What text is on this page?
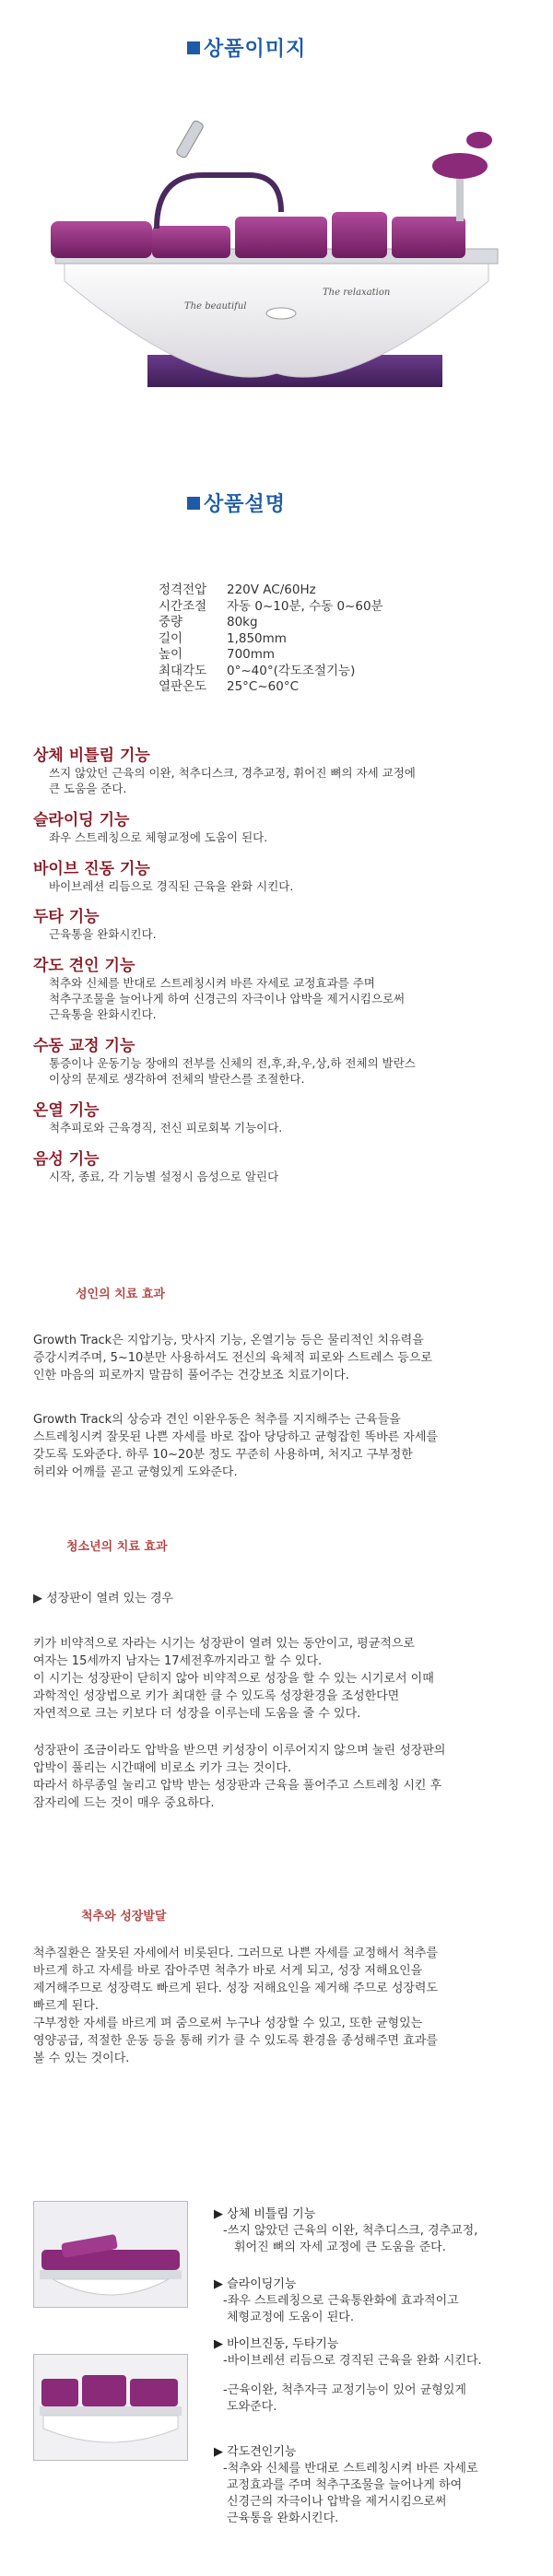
상품이미지
The beautiful
The relaxation
상품설명
정격전압	220V AC/60Hz
시간조절	자동 0~10분, 수동 0~60분
중량	80kg
길이	1,850mm
높이	700mm
최대각도	0°~40°(각도조절기능)
열판온도	25°C~60°C
상체 비틀림 기능
쓰지 않았던 근육의 이완, 척추디스크, 경추교정, 휘어진 뼈의 자세 교정에
큰 도움을 준다.
슬라이딩 기능
좌우 스트레칭으로 체형교정에 도움이 된다.
바이브 진동 기능
바이브레션 리듬으로 경직된 근육을 완화 시킨다.
두타 기능
근육통을 완화시킨다.
각도 견인 기능
척추와 신체를 반대로 스트레칭시켜 바른 자세로 교정효과를 주며
척추구조물을 늘어나게 하여 신경근의 자극이나 압박을 제거시킴으로써
근육통을 완화시킨다.
수동 교정 기능
통증이나 운동기능 장애의 전부를 신체의 전,후,좌,우,상,하 전체의 발란스
이상의 문제로 생각하여 전체의 발란스를 조절한다.
온열 기능
척추피로와 근육경직, 전신 피로회복 기능이다.
음성 기능
시작, 종료, 각 기능별 설정시 음성으로 알린다
성인의 치료 효과
Growth Track은 지압기능, 맛사지 기능, 온열기능 등은 물리적인 치유력을
증강시켜주며, 5~10분만 사용하셔도 전신의 육체적 피로와 스트레스 등으로
인한 마음의 피로까지 말끔히 풀어주는 건강보조 치료기이다.
Growth Track의 상승과 견인 이완우동은 척추를 지지해주는 근육들을
스트레칭시켜 잘못된 나쁜 자세를 바로 잡아 당당하고 균형잡힌 똑바른 자세를
갖도록 도와준다. 하루 10~20분 정도 꾸준히 사용하며, 처지고 구부정한
허리와 어깨를 곧고 균형있게 도와준다.
청소년의 치료 효과
▶ 성장판이 열려 있는 경우
키가 비약적으로 자라는 시기는 성장판이 열려 있는 동안이고, 평균적으로
여자는 15세까지 남자는 17세전후까지라고 할 수 있다.
이 시기는 성장판이 닫히지 않아 비약적으로 성장을 할 수 있는 시기로서 이때
과학적인 성장법으로 키가 최대한 클 수 있도록 성장환경을 조성한다면
자연적으로 크는 키보다 더 성장을 이루는데 도움을 줄 수 있다.
성장판이 조금이라도 압박을 받으면 키성장이 이루어지지 않으며 눌린 성장판의
압박이 풀리는 시간때에 비로소 키가 크는 것이다.
따라서 하루종일 눌리고 압박 받는 성장판과 근육을 풀어주고 스트레칭 시킨 후
잠자리에 드는 것이 매우 중요하다.
척추와 성장발달
척추질환은 잘못된 자세에서 비롯된다. 그러므로 나쁜 자세를 교정해서 척추를
바르게 하고 자세를 바로 잡아주면 척추가 바로 서게 되고, 성장 저해요인을
제거해주므로 성장력도 빠르게 된다. 성장 저해요인을 제거해 주므로 성장력도
빠르게 된다.
구부정한 자세를 바르게 펴 줌으로써 누구나 성장할 수 있고, 또한 균형있는
영양공급, 적절한 운동 등을 통해 키가 클 수 있도록 환경을 종성해주면 효과를
볼 수 있는 것이다.
▶ 상체 비틀림 기능
-쓰지 않았던 근육의 이완, 척추디스크, 경추교정,
휘어진 뼈의 자세 교정에 큰 도움을 준다.
▶ 슬라이딩기능
-좌우 스트레칭으로 근육통완화에 효과적이고
체형교정에 도움이 된다.
▶ 바이브진동, 두타기능
-바이브레션 리듬으로 경직된 근육을 완화 시킨다.
-근육이완, 척추자극 교정기능이 있어 균형있게
도와준다.
▶ 각도견인기능
-척추와 신체를 반대로 스트레칭시켜 바른 자세로
교정효과를 주며 척추구조물을 늘어나게 하여
신경근의 자극이나 압박을 제거시킴으로써
근육통을 완화시킨다.
